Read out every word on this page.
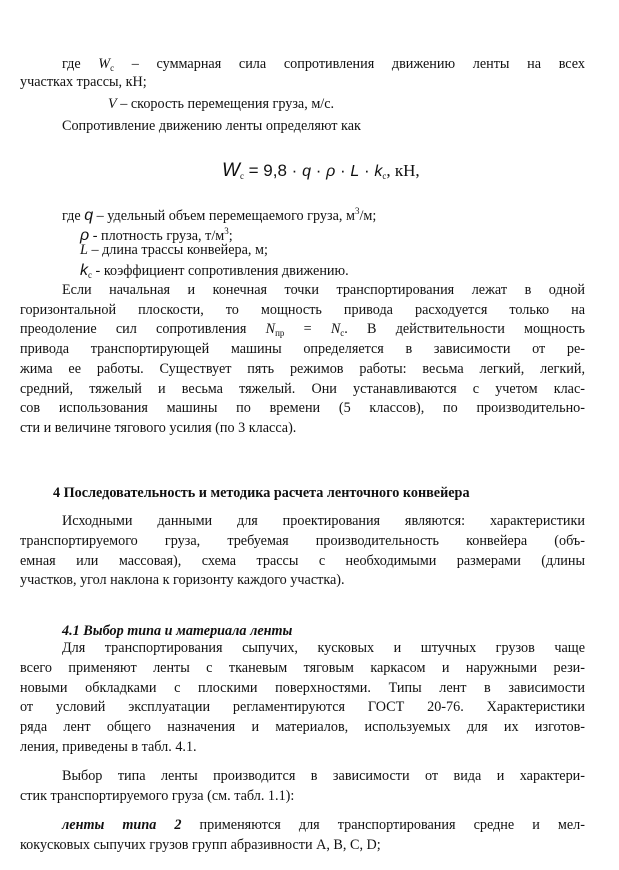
где $W_с$ – суммарная сила сопротивления движению ленты на всех

участках трассы, кН;

V – скорость перемещения груза, м/с.

Сопротивление движению ленты определяют как

$W_с = 9,8 \cdot q \cdot \rho \cdot L \cdot k_с$, кН,

где q – удельный объем перемещаемого груза, $м^3/м$;

ρ - плотность груза, $т/м^3$;

L – длина трассы конвейера, м;

$k_c$ - коэффициент сопротивления движению.

Если начальная и конечная точки транспортирования лежат в одной

горизонтальной плоскости, то мощность привода расходуется только на

преодоление сил сопротивления $N_{пр} = N_с$. В действительности мощность

привода транспортирующей машины определяется в зависимости от ре-

жима ее работы. Существует пять режимов работы: весьма легкий, легкий,

средний, тяжелый и весьма тяжелый. Они устанавливаются с учетом клас-

сов использования машины по времени (5 классов), по производительно-

сти и величине тягового усилия (по 3 класса).

4 Последовательность и методика расчета ленточного конвейера

Исходными данными для проектирования являются: характеристики

транспортируемого груза, требуемая производительность конвейера (объ-

емная или массовая), схема трассы с необходимыми размерами (длины

участков, угол наклона к горизонту каждого участка).

4.1 Выбор типа и материала ленты

Для транспортирования сыпучих, кусковых и штучных грузов чаще

всего применяют ленты с тканевым тяговым каркасом и наружными рези-

новыми обкладками с плоскими поверхностями. Типы лент в зависимости

от условий эксплуатации регламентируются ГОСТ 20-76. Характеристики

ряда лент общего назначения и материалов, используемых для их изготов-

ления, приведены в табл. 4.1.

Выбор типа ленты производится в зависимости от вида и характери-

стик транспортируемого груза (см. табл. 1.1):

ленты типа 2 применяются для транспортирования средне и мел-

кокусковых сыпучих грузов групп абразивности А, В, С, D;
